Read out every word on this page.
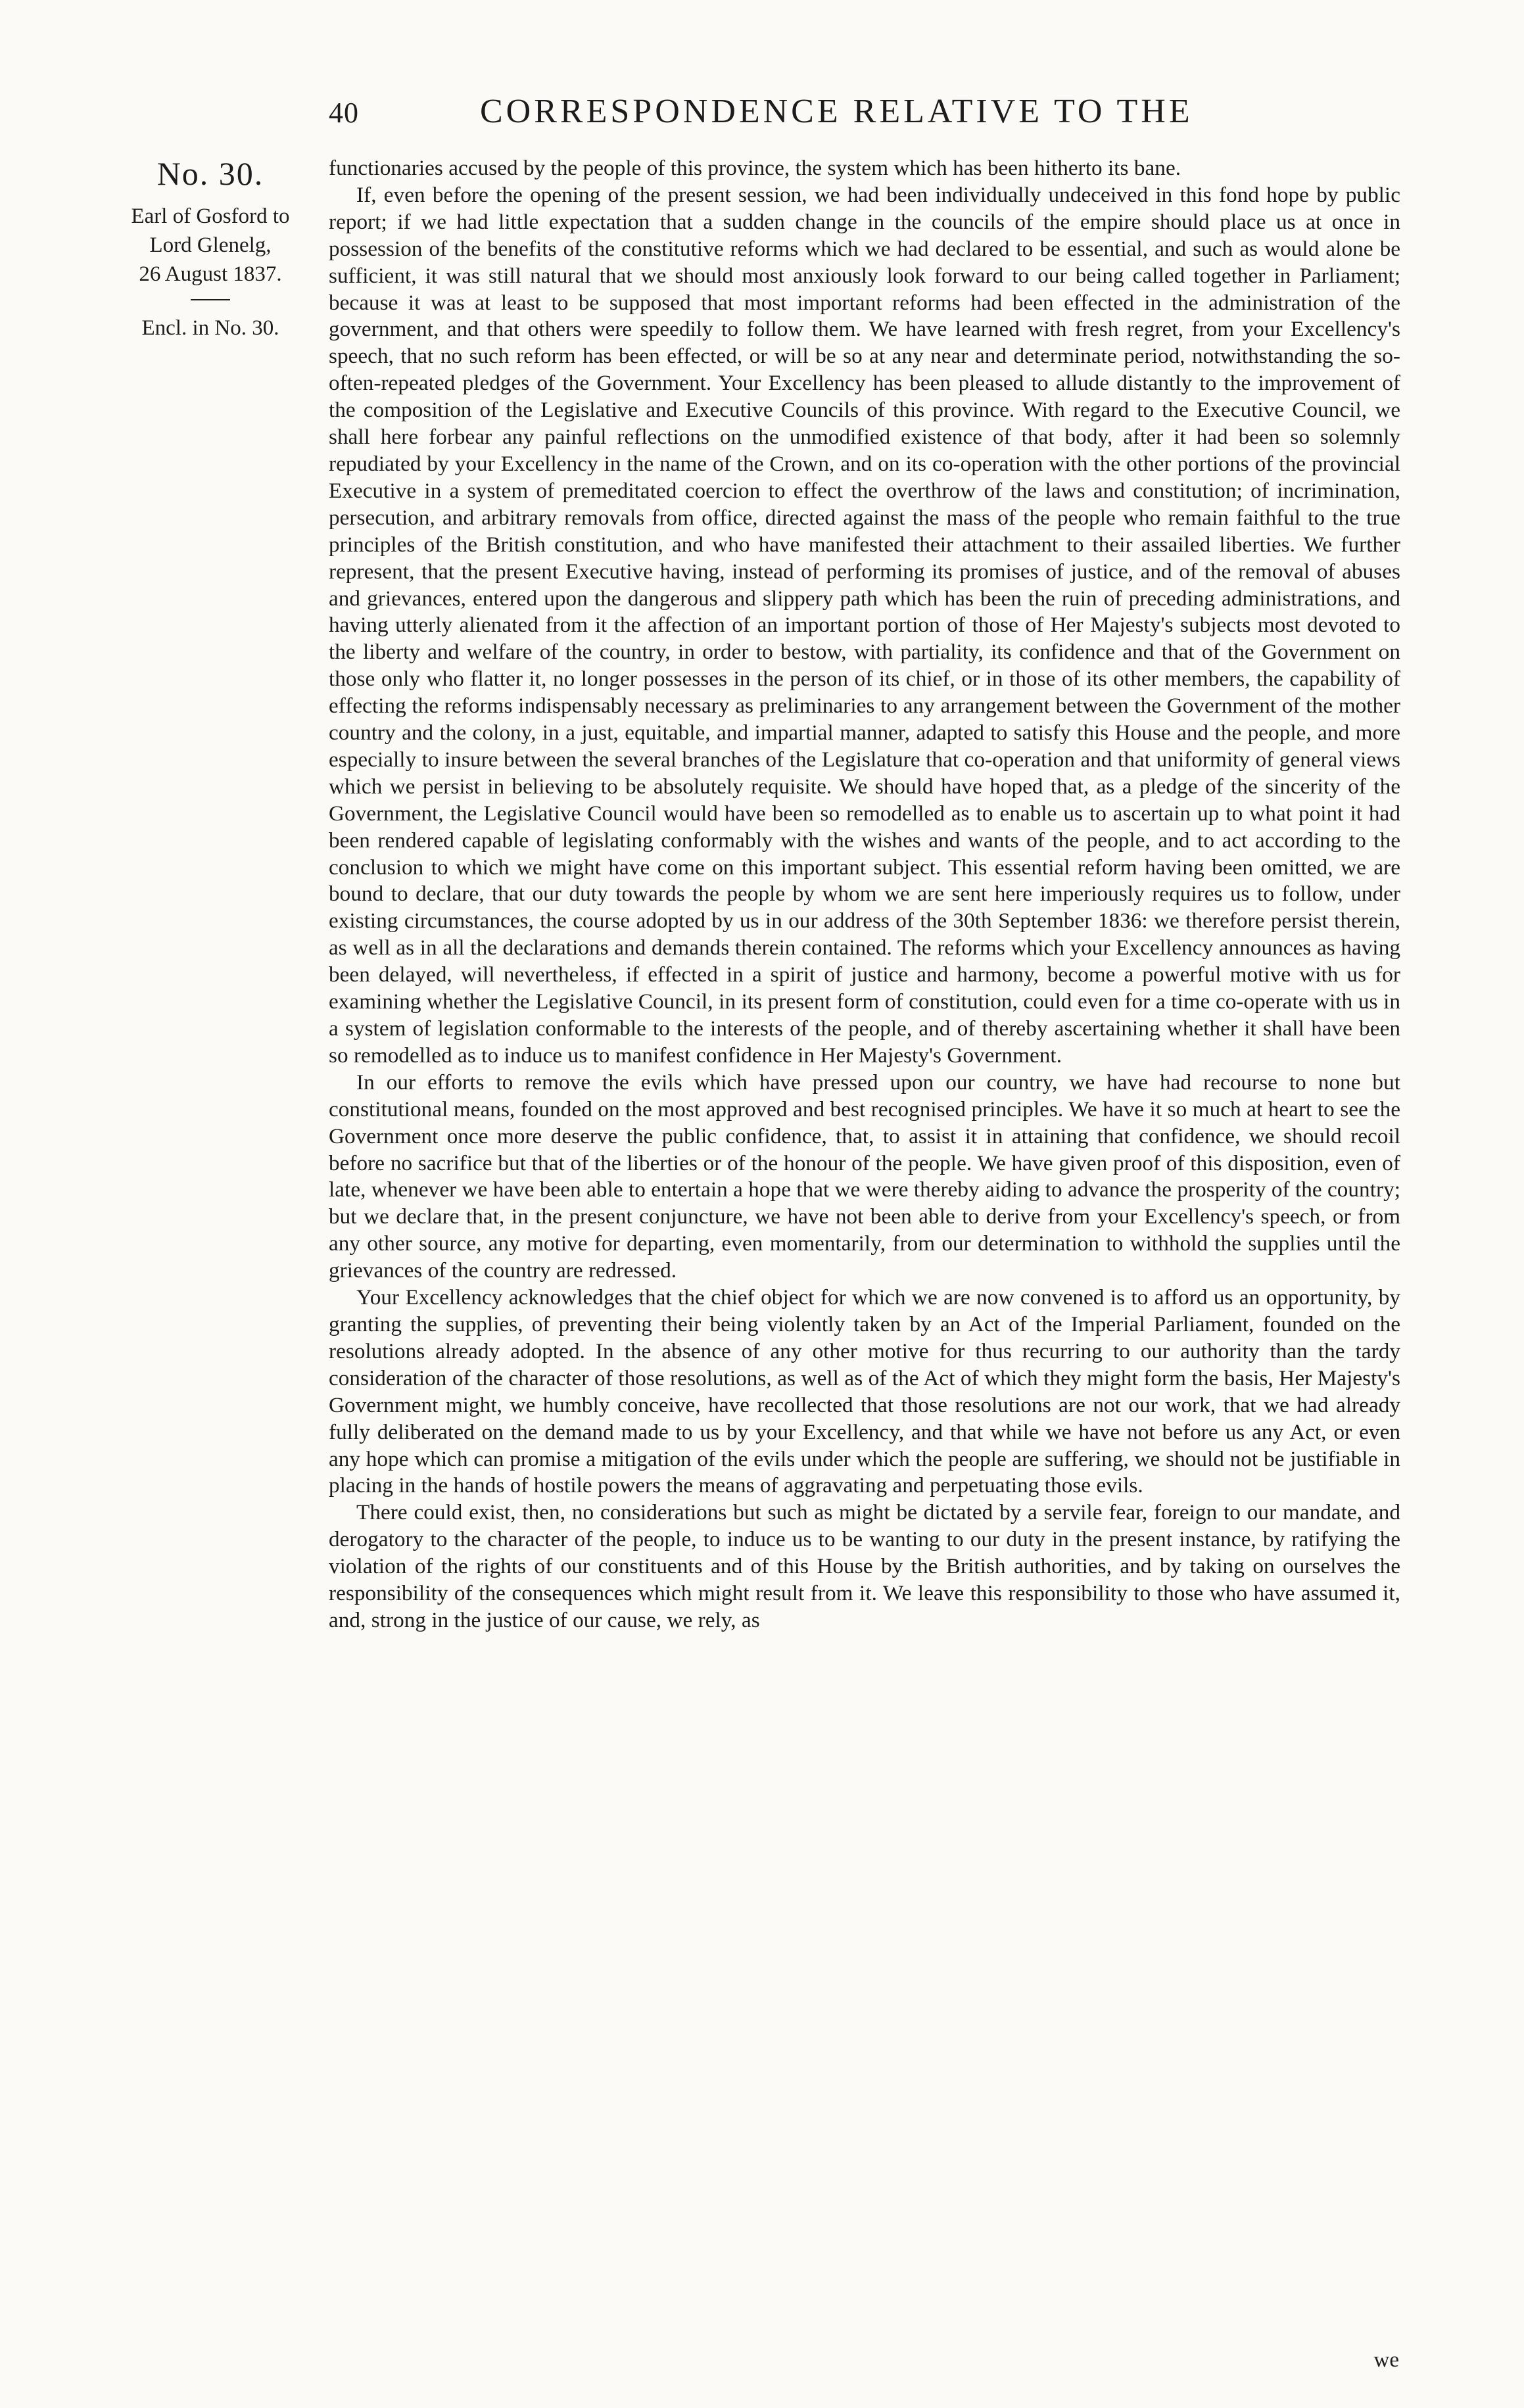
40	CORRESPONDENCE RELATIVE TO THE
No. 30.
Earl of Gosford to
Lord Glenelg,
26 August 1837.
Encl. in No. 30.

functionaries accused by the people of this province, the system which has been hitherto its bane.

If, even before the opening of the present session, we had been individually undeceived in this fond hope by public report; if we had little expectation that a sudden change in the councils of the empire should place us at once in possession of the benefits of the constitutive reforms which we had declared to be essential, and such as would alone be sufficient, it was still natural that we should most anxiously look forward to our being called together in Parliament; because it was at least to be supposed that most important reforms had been effected in the administration of the government, and that others were speedily to follow them. We have learned with fresh regret, from your Excellency's speech, that no such reform has been effected, or will be so at any near and determinate period, notwithstanding the so-often-repeated pledges of the Government. Your Excellency has been pleased to allude distantly to the improvement of the composition of the Legislative and Executive Councils of this province. With regard to the Executive Council, we shall here forbear any painful reflections on the unmodified existence of that body, after it had been so solemnly repudiated by your Excellency in the name of the Crown, and on its co-operation with the other portions of the provincial Executive in a system of premeditated coercion to effect the overthrow of the laws and constitution; of incrimination, persecution, and arbitrary removals from office, directed against the mass of the people who remain faithful to the true principles of the British constitution, and who have manifested their attachment to their assailed liberties. We further represent, that the present Executive having, instead of performing its promises of justice, and of the removal of abuses and grievances, entered upon the dangerous and slippery path which has been the ruin of preceding administrations, and having utterly alienated from it the affection of an important portion of those of Her Majesty's subjects most devoted to the liberty and welfare of the country, in order to bestow, with partiality, its confidence and that of the Government on those only who flatter it, no longer possesses in the person of its chief, or in those of its other members, the capability of effecting the reforms indispensably necessary as preliminaries to any arrangement between the Government of the mother country and the colony, in a just, equitable, and impartial manner, adapted to satisfy this House and the people, and more especially to insure between the several branches of the Legislature that co-operation and that uniformity of general views which we persist in believing to be absolutely requisite. We should have hoped that, as a pledge of the sincerity of the Government, the Legislative Council would have been so remodelled as to enable us to ascertain up to what point it had been rendered capable of legislating conformably with the wishes and wants of the people, and to act according to the conclusion to which we might have come on this important subject. This essential reform having been omitted, we are bound to declare, that our duty towards the people by whom we are sent here imperiously requires us to follow, under existing circumstances, the course adopted by us in our address of the 30th September 1836: we therefore persist therein, as well as in all the declarations and demands therein contained. The reforms which your Excellency announces as having been delayed, will nevertheless, if effected in a spirit of justice and harmony, become a powerful motive with us for examining whether the Legislative Council, in its present form of constitution, could even for a time co-operate with us in a system of legislation conformable to the interests of the people, and of thereby ascertaining whether it shall have been so remodelled as to induce us to manifest confidence in Her Majesty's Government.

In our efforts to remove the evils which have pressed upon our country, we have had recourse to none but constitutional means, founded on the most approved and best recognised principles. We have it so much at heart to see the Government once more deserve the public confidence, that, to assist it in attaining that confidence, we should recoil before no sacrifice but that of the liberties or of the honour of the people. We have given proof of this disposition, even of late, whenever we have been able to entertain a hope that we were thereby aiding to advance the prosperity of the country; but we declare that, in the present conjuncture, we have not been able to derive from your Excellency's speech, or from any other source, any motive for departing, even momentarily, from our determination to withhold the supplies until the grievances of the country are redressed.

Your Excellency acknowledges that the chief object for which we are now convened is to afford us an opportunity, by granting the supplies, of preventing their being violently taken by an Act of the Imperial Parliament, founded on the resolutions already adopted. In the absence of any other motive for thus recurring to our authority than the tardy consideration of the character of those resolutions, as well as of the Act of which they might form the basis, Her Majesty's Government might, we humbly conceive, have recollected that those resolutions are not our work, that we had already fully deliberated on the demand made to us by your Excellency, and that while we have not before us any Act, or even any hope which can promise a mitigation of the evils under which the people are suffering, we should not be justifiable in placing in the hands of hostile powers the means of aggravating and perpetuating those evils.

There could exist, then, no considerations but such as might be dictated by a servile fear, foreign to our mandate, and derogatory to the character of the people, to induce us to be wanting to our duty in the present instance, by ratifying the violation of the rights of our constituents and of this House by the British authorities, and by taking on ourselves the responsibility of the consequences which might result from it. We leave this responsibility to those who have assumed it, and, strong in the justice of our cause, we rely, as

we
